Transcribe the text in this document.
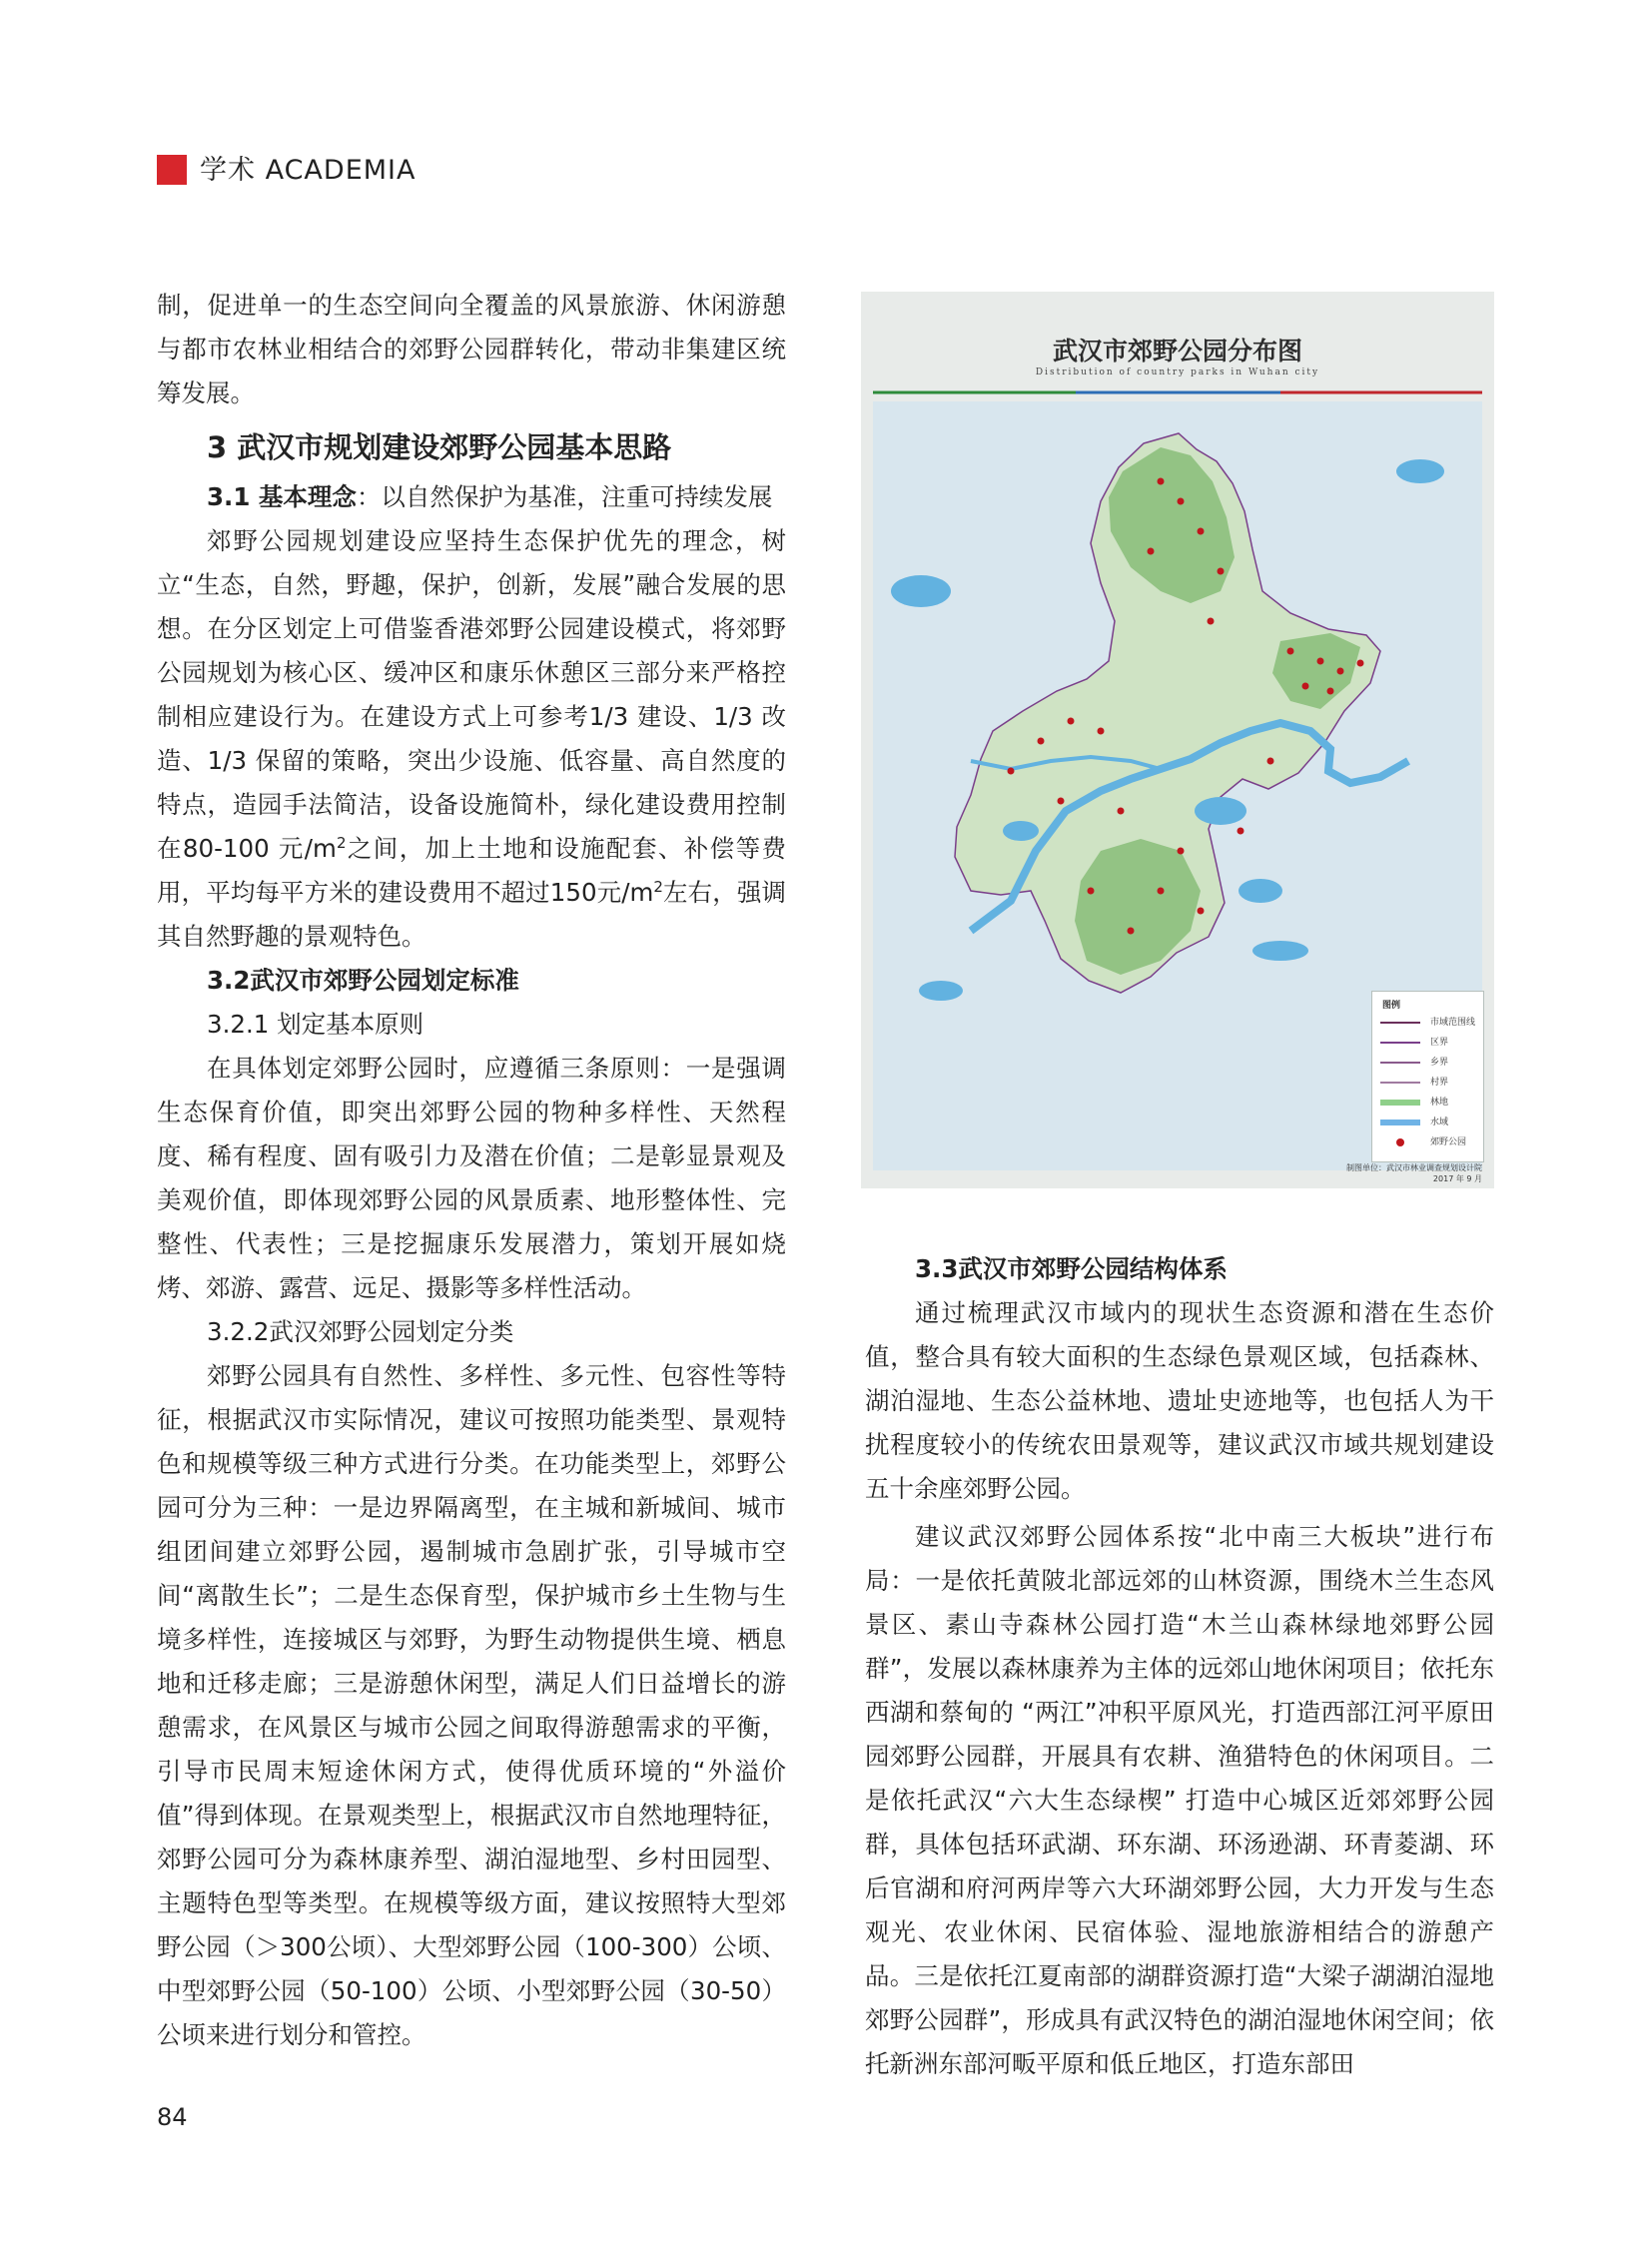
学术 ACADEMIA

制，促进单一的生态空间向全覆盖的风景旅游、休闲游憩与都市农林业相结合的郊野公园群转化，带动非集建区统筹发展。

3 武汉市规划建设郊野公园基本思路

3.1 基本理念：以自然保护为基准，注重可持续发展

郊野公园规划建设应坚持生态保护优先的理念，树立“生态，自然，野趣，保护，创新，发展”融合发展的思想。在分区划定上可借鉴香港郊野公园建设模式，将郊野公园规划为核心区、缓冲区和康乐休憩区三部分来严格控制相应建设行为。在建设方式上可参考1/3 建设、1/3 改造、1/3 保留的策略，突出少设施、低容量、高自然度的特点，造园手法简洁，设备设施简朴，绿化建设费用控制在80-100 元$/m^2$之间，加上土地和设施配套、补偿等费用，平均每平方米的建设费用不超过150元$/m^2$左右，强调其自然野趣的景观特色。

3.2武汉市郊野公园划定标准

3.2.1 划定基本原则

在具体划定郊野公园时，应遵循三条原则：一是强调生态保育价值，即突出郊野公园的物种多样性、天然程度、稀有程度、固有吸引力及潜在价值；二是彰显景观及美观价值，即体现郊野公园的风景质素、地形整体性、完整性、代表性；三是挖掘康乐发展潜力，策划开展如烧烤、郊游、露营、远足、摄影等多样性活动。

3.2.2武汉郊野公园划定分类

郊野公园具有自然性、多样性、多元性、包容性等特征，根据武汉市实际情况，建议可按照功能类型、景观特色和规模等级三种方式进行分类。在功能类型上，郊野公园可分为三种：一是边界隔离型，在主城和新城间、城市组团间建立郊野公园，遏制城市急剧扩张，引导城市空间“离散生长”；二是生态保育型，保护城市乡土生物与生境多样性，连接城区与郊野，为野生动物提供生境、栖息地和迁移走廊；三是游憩休闲型，满足人们日益增长的游憩需求，在风景区与城市公园之间取得游憩需求的平衡，引导市民周末短途休闲方式，使得优质环境的“外溢价值”得到体现。在景观类型上，根据武汉市自然地理特征，郊野公园可分为森林康养型、湖泊湿地型、乡村田园型、主题特色型等类型。在规模等级方面，建议按照特大型郊野公园（＞300公顷）、大型郊野公园（100-300）公顷、中型郊野公园（50-100）公顷、小型郊野公园（30-50）公顷来进行划分和管控。

武汉市郊野公园分布图
Distribution of country parks in Wuhan city
图例
市域范围线
区界
乡界
村界
林地
水域
郊野公园
制图单位：武汉市林业调查规划设计院
2017 年 9 月

3.3武汉市郊野公园结构体系

通过梳理武汉市域内的现状生态资源和潜在生态价值，整合具有较大面积的生态绿色景观区域，包括森林、湖泊湿地、生态公益林地、遗址史迹地等，也包括人为干扰程度较小的传统农田景观等，建议武汉市域共规划建设五十余座郊野公园。

建议武汉郊野公园体系按“北中南三大板块”进行布局：一是依托黄陂北部远郊的山林资源，围绕木兰生态风景区、素山寺森林公园打造“木兰山森林绿地郊野公园群”，发展以森林康养为主体的远郊山地休闲项目；依托东西湖和蔡甸的 “两江”冲积平原风光，打造西部江河平原田园郊野公园群，开展具有农耕、渔猎特色的休闲项目。二是依托武汉“六大生态绿楔” 打造中心城区近郊郊野公园群，具体包括环武湖、环东湖、环汤逊湖、环青菱湖、环后官湖和府河两岸等六大环湖郊野公园，大力开发与生态观光、农业休闲、民宿体验、湿地旅游相结合的游憩产品。三是依托江夏南部的湖群资源打造“大梁子湖湖泊湿地郊野公园群”，形成具有武汉特色的湖泊湿地休闲空间；依托新洲东部河畈平原和低丘地区，打造东部田

84
